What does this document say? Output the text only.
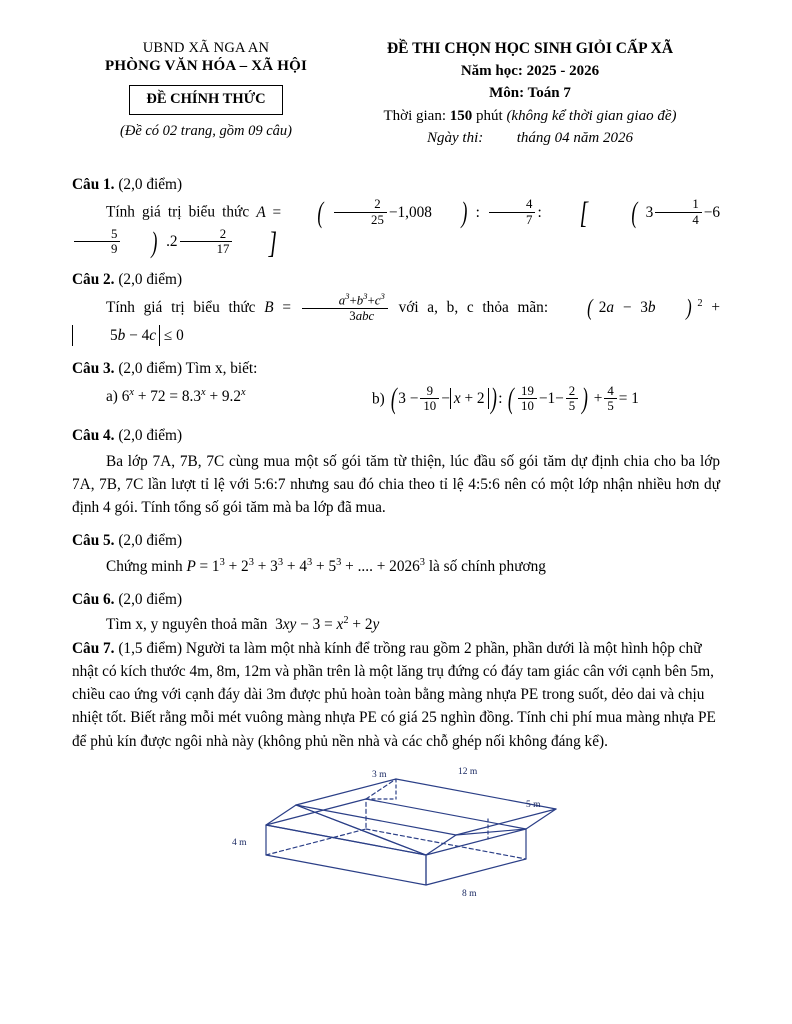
UBND XÃ NGA AN
PHÒNG VĂN HÓA – XÃ HỘI
ĐỀ CHÍNH THỨC
(Đề có 02 trang, gồm 09 câu)
ĐỀ THI CHỌN HỌC SINH GIỎI CẤP XÃ
Năm học: 2025 - 2026
Môn: Toán 7
Thời gian: 150 phút (không kể thời gian giao đề)
Ngày thi: tháng 04 năm 2026
Câu 1. (2,0 điểm)
Tính giá trị biểu thức A = ( $\frac{2}{25} -1,008$ ) : $\frac{4}{7}$ : [ ( $3 \frac{1}{4} -6$
$\frac{5}{9}$ ) $.2 \frac{2}{17}$ ]
Câu 2. (2,0 điểm)
Tính giá trị biểu thức $B = \frac{a^3+b^3+c^3}{\text{3abc}}$ với a, b, c thỏa mãn: ( 2a − 3b ) $^2$ + 5b − 4c ≤ 0
Câu 3. (2,0 điểm) Tìm x, biết:
a) $6^x + 72 = 8.3^x + 9.2^x$	b) ( $3 - \frac{9}{10} - x + 2$ ) : ( $\frac{19}{10} -1- \frac{2}{5}$ ) + $\frac{4}{5} = 1$
Câu 4. (2,0 điểm)
Ba lớp 7A, 7B, 7C cùng mua một số gói tăm từ thiện, lúc đầu số gói tăm dự định chia cho ba lớp 7A, 7B, 7C lần lượt tỉ lệ với 5:6:7 nhưng sau đó chia theo tỉ lệ 4:5:6 nên có một lớp nhận nhiều hơn dự định 4 gói. Tính tổng số gói tăm mà ba lớp đã mua.
Câu 5. (2,0 điểm)
Chứng minh $P = 1^3 + 2^3 + 3^3 + 4^3 + 5^3$ + .... + $2026^3$ là số chính phương
Câu 6. (2,0 điểm)
Tìm x, y nguyên thoả mãn $3xy - 3 = x^2 + 2y$
Câu 7. (1,5 điểm) Người ta làm một nhà kính để trồng rau gồm 2 phần, phần dưới là một hình hộp chữ nhật có kích thước 4m, 8m, 12m và phần trên là một lăng trụ đứng có đáy tam giác cân với cạnh bên 5m, chiều cao ứng với cạnh đáy dài 3m được phủ hoàn toàn bằng màng nhựa PE trong suốt, dẻo dai và chịu nhiệt tốt. Biết rằng mỗi mét vuông màng nhựa PE có giá 25 nghìn đồng. Tính chi phí mua màng nhựa PE để phủ kín được ngôi nhà này (không phủ nền nhà và các chỗ ghép nối không đáng kể).
4 m
3 m	12 m
5 m
8 m
